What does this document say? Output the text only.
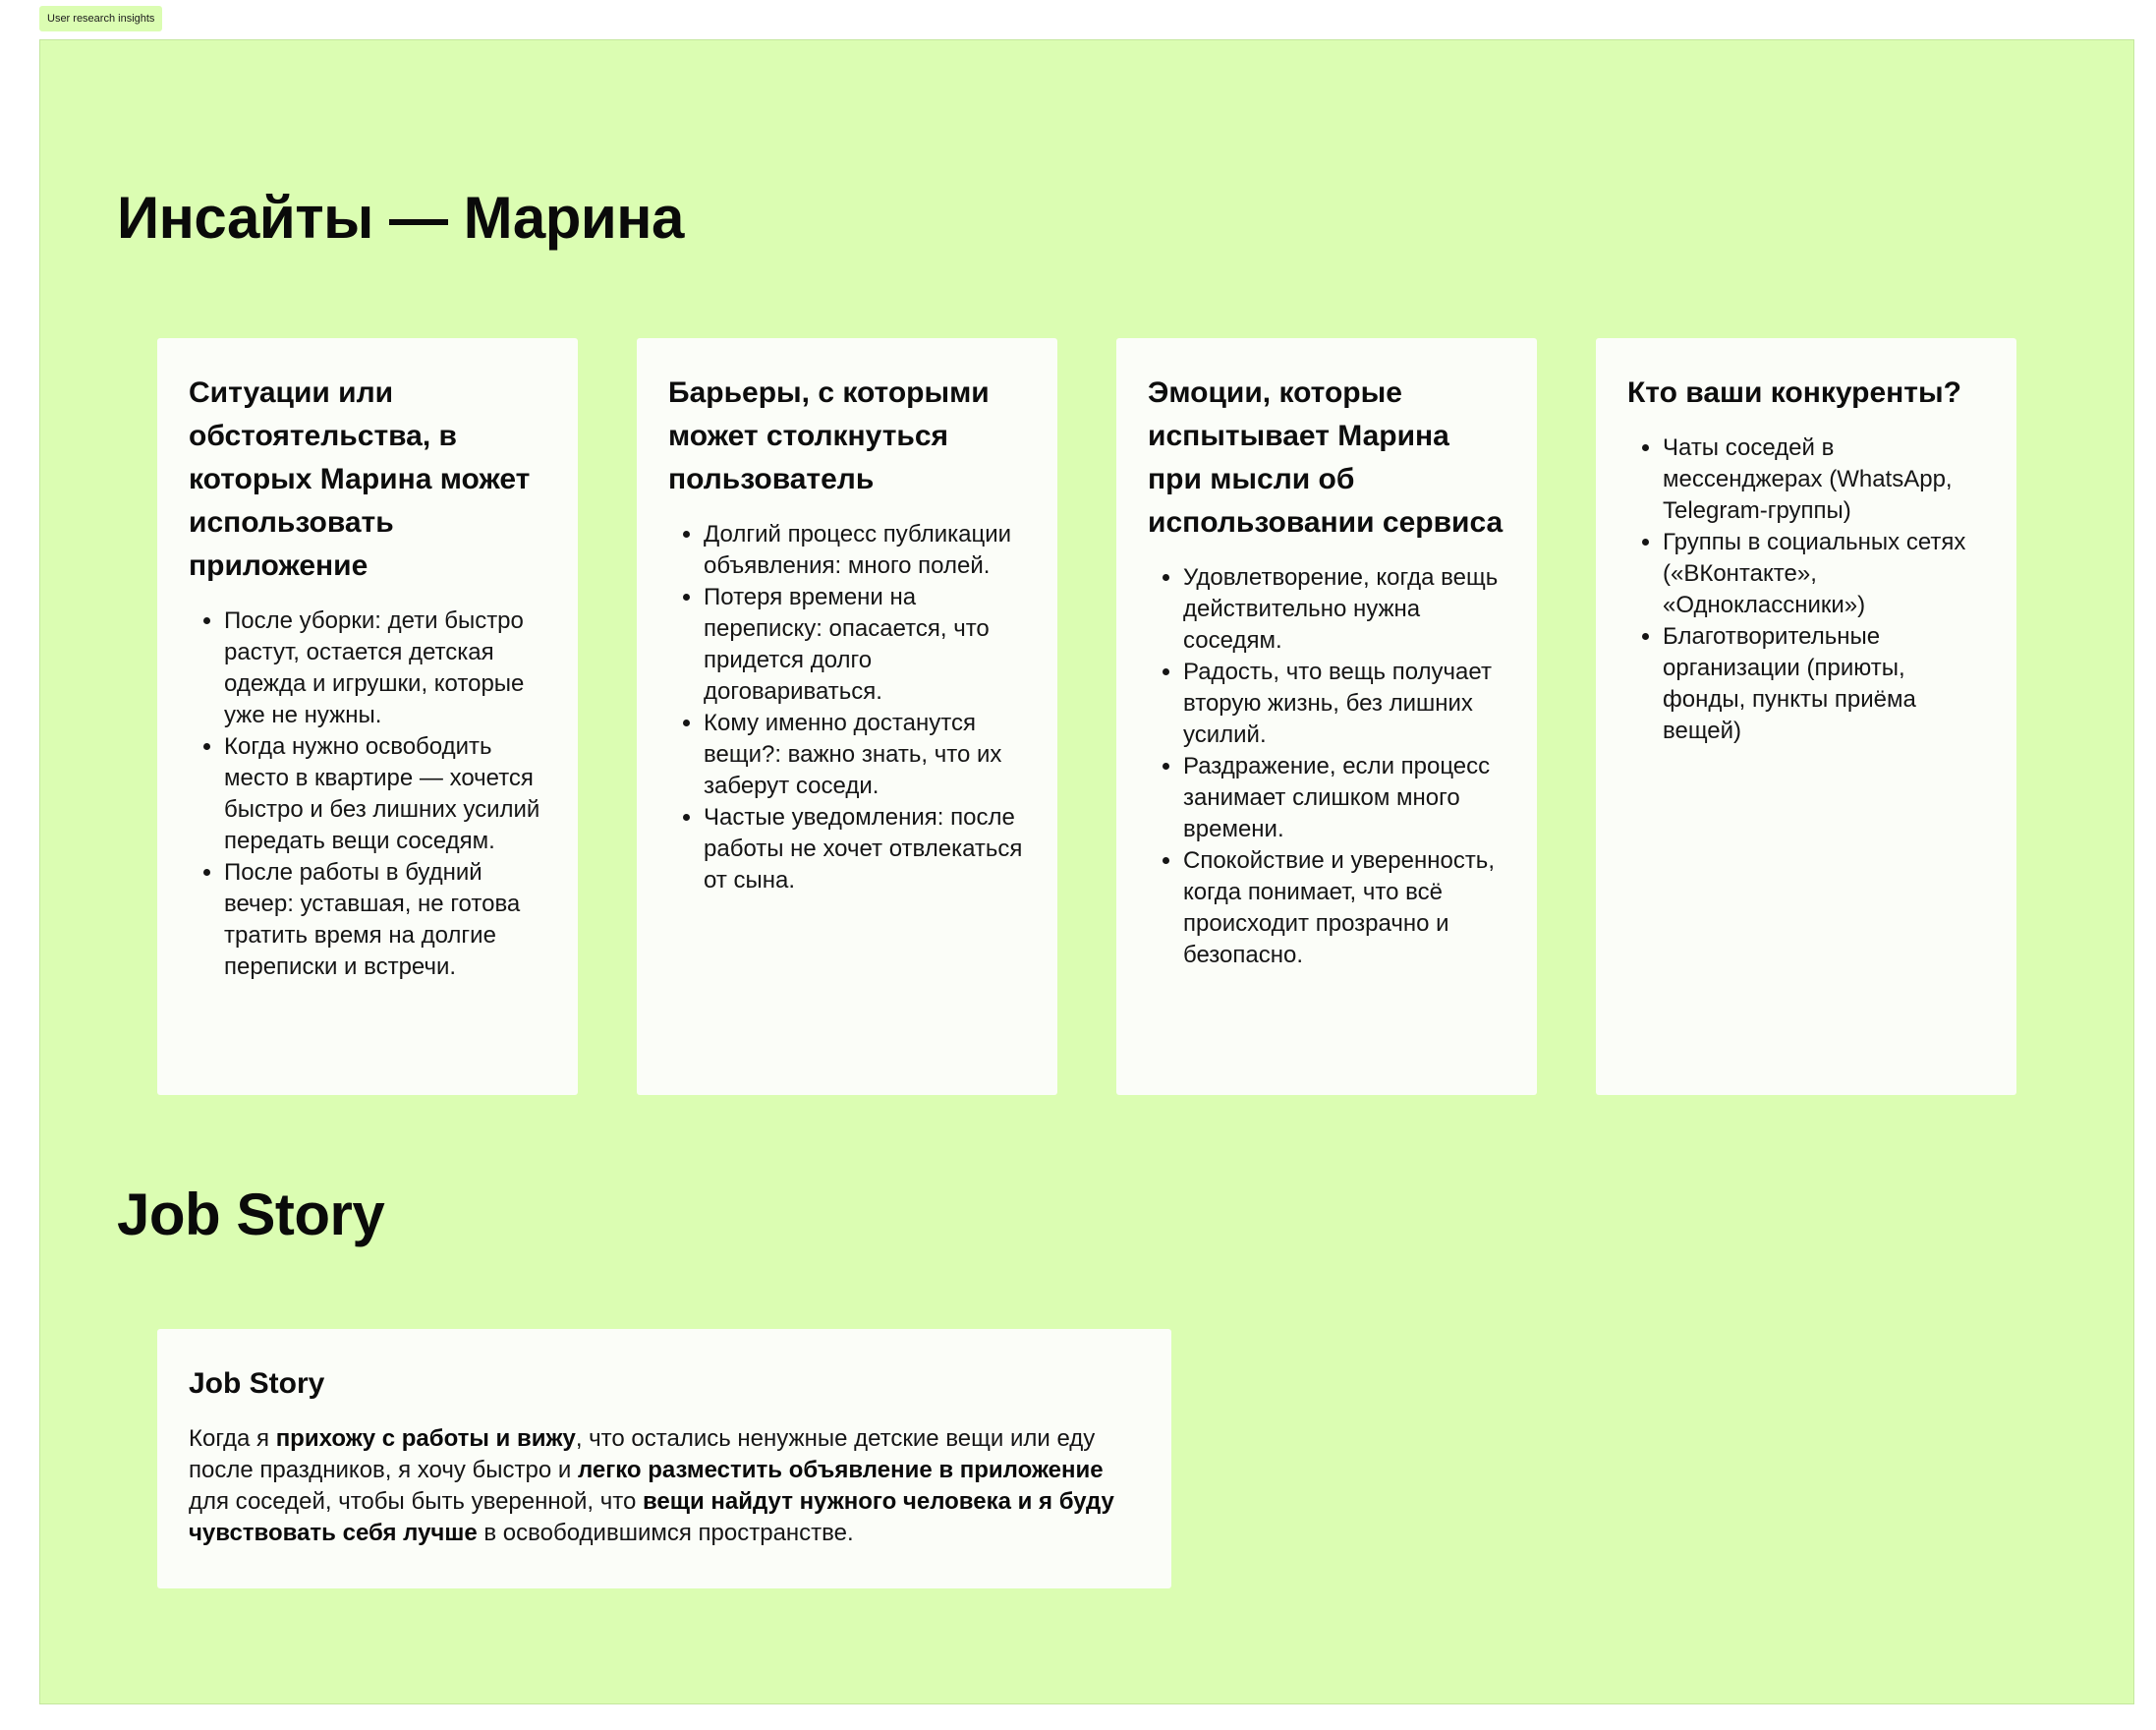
User research insights
Инсайты — Марина
Ситуации или обстоятельства, в которых Марина может использовать приложение
• После уборки: дети быстро растут, остается детская одежда и игрушки, которые уже не нужны.
• Когда нужно освободить место в квартире — хочется быстро и без лишних усилий передать вещи соседям.
• После работы в будний вечер: уставшая, не готова тратить время на долгие переписки и встречи.
Барьеры, с которыми может столкнуться пользователь
• Долгий процесс публикации объявления: много полей.
• Потеря времени на переписку: опасается, что придется долго договариваться.
• Кому именно достанутся вещи?: важно знать, что их заберут соседи.
• Частые уведомления: после работы не хочет отвлекаться от сына.
Эмоции, которые испытывает Марина при мысли об использовании сервиса
• Удовлетворение, когда вещь действительно нужна соседям.
• Радость, что вещь получает вторую жизнь, без лишних усилий.
• Раздражение, если процесс занимает слишком много времени.
• Спокойствие и уверенность, когда понимает, что всё происходит прозрачно и безопасно.
Кто ваши конкуренты?
• Чаты соседей в мессенджерах (WhatsApp, Telegram-группы)
• Группы в социальных сетях («ВКонтакте», «Одноклассники»)
• Благотворительные организации (приюты, фонды, пункты приёма вещей)
Job Story
Job Story

Когда я прихожу с работы и вижу, что остались ненужные детские вещи или еду после праздников, я хочу быстро и легко разместить объявление в приложение для соседей, чтобы быть уверенной, что вещи найдут нужного человека и я буду чувствовать себя лучше в освободившимся пространстве.
